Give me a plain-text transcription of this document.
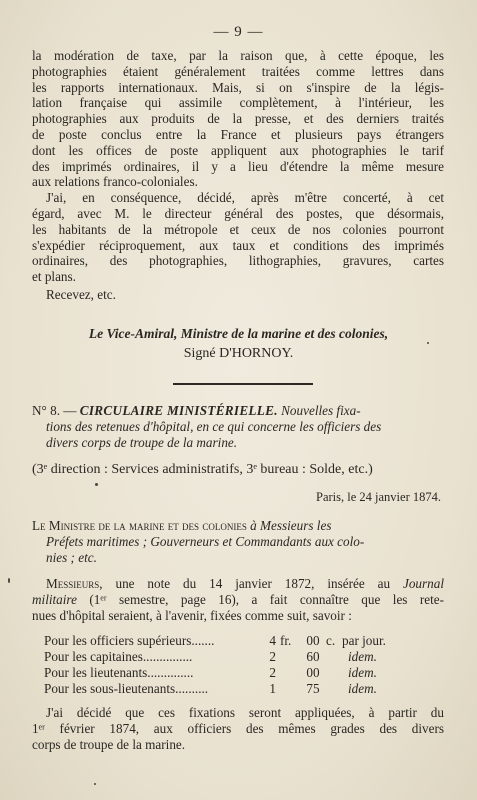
— 9 —

la modération de taxe, par la raison que, à cette époque, les
photographies étaient généralement traitées comme lettres dans
les rapports internationaux. Mais, si on s'inspire de la légis-
lation française qui assimile complètement, à l'intérieur, les
photographies aux produits de la presse, et des derniers traités
de poste conclus entre la France et plusieurs pays étrangers
dont les offices de poste appliquent aux photographies le tarif
des imprimés ordinaires, il y a lieu d'étendre la même mesure
aux relations franco-coloniales.

J'ai, en conséquence, décidé, après m'être concerté, à cet
égard, avec M. le directeur général des postes, que désormais,
les habitants de la métropole et ceux de nos colonies pourront
s'expédier réciproquement, aux taux et conditions des imprimés
ordinaires, des photographies, lithographies, gravures, cartes
et plans.

Recevez, etc.

Le Vice-Amiral, Ministre de la marine et des colonies,
Signé D'HORNOY.
N° 8. — CIRCULAIRE MINISTÉRIELLE. Nouvelles fixa-
tions des retenues d'hôpital, en ce qui concerne les officiers des
divers corps de troupe de la marine.
(3ᵉ direction : Services administratifs, 3ᵉ bureau : Solde, etc.)
Paris, le 24 janvier 1874.
Le Ministre de la marine et des colonies à Messieurs les
Préfets maritimes ; Gouverneurs et Commandants aux colo-
nies ; etc.

Messieurs, une note du 14 janvier 1872, insérée au Journal
militaire (1ᵉʳ semestre, page 16), a fait connaître que les rete-
nues d'hôpital seraient, à l'avenir, fixées comme suit, savoir :

Pour les officiers supérieurs.......	4	fr.	00	c.	par jour.
Pour les capitaines...............	2		60		idem.
Pour les lieutenants..............	2		00		idem.
Pour les sous-lieutenants..........	1		75		idem.

J'ai décidé que ces fixations seront appliquées, à partir du
1ᵉʳ février 1874, aux officiers des mêmes grades des divers
corps de troupe de la marine.
